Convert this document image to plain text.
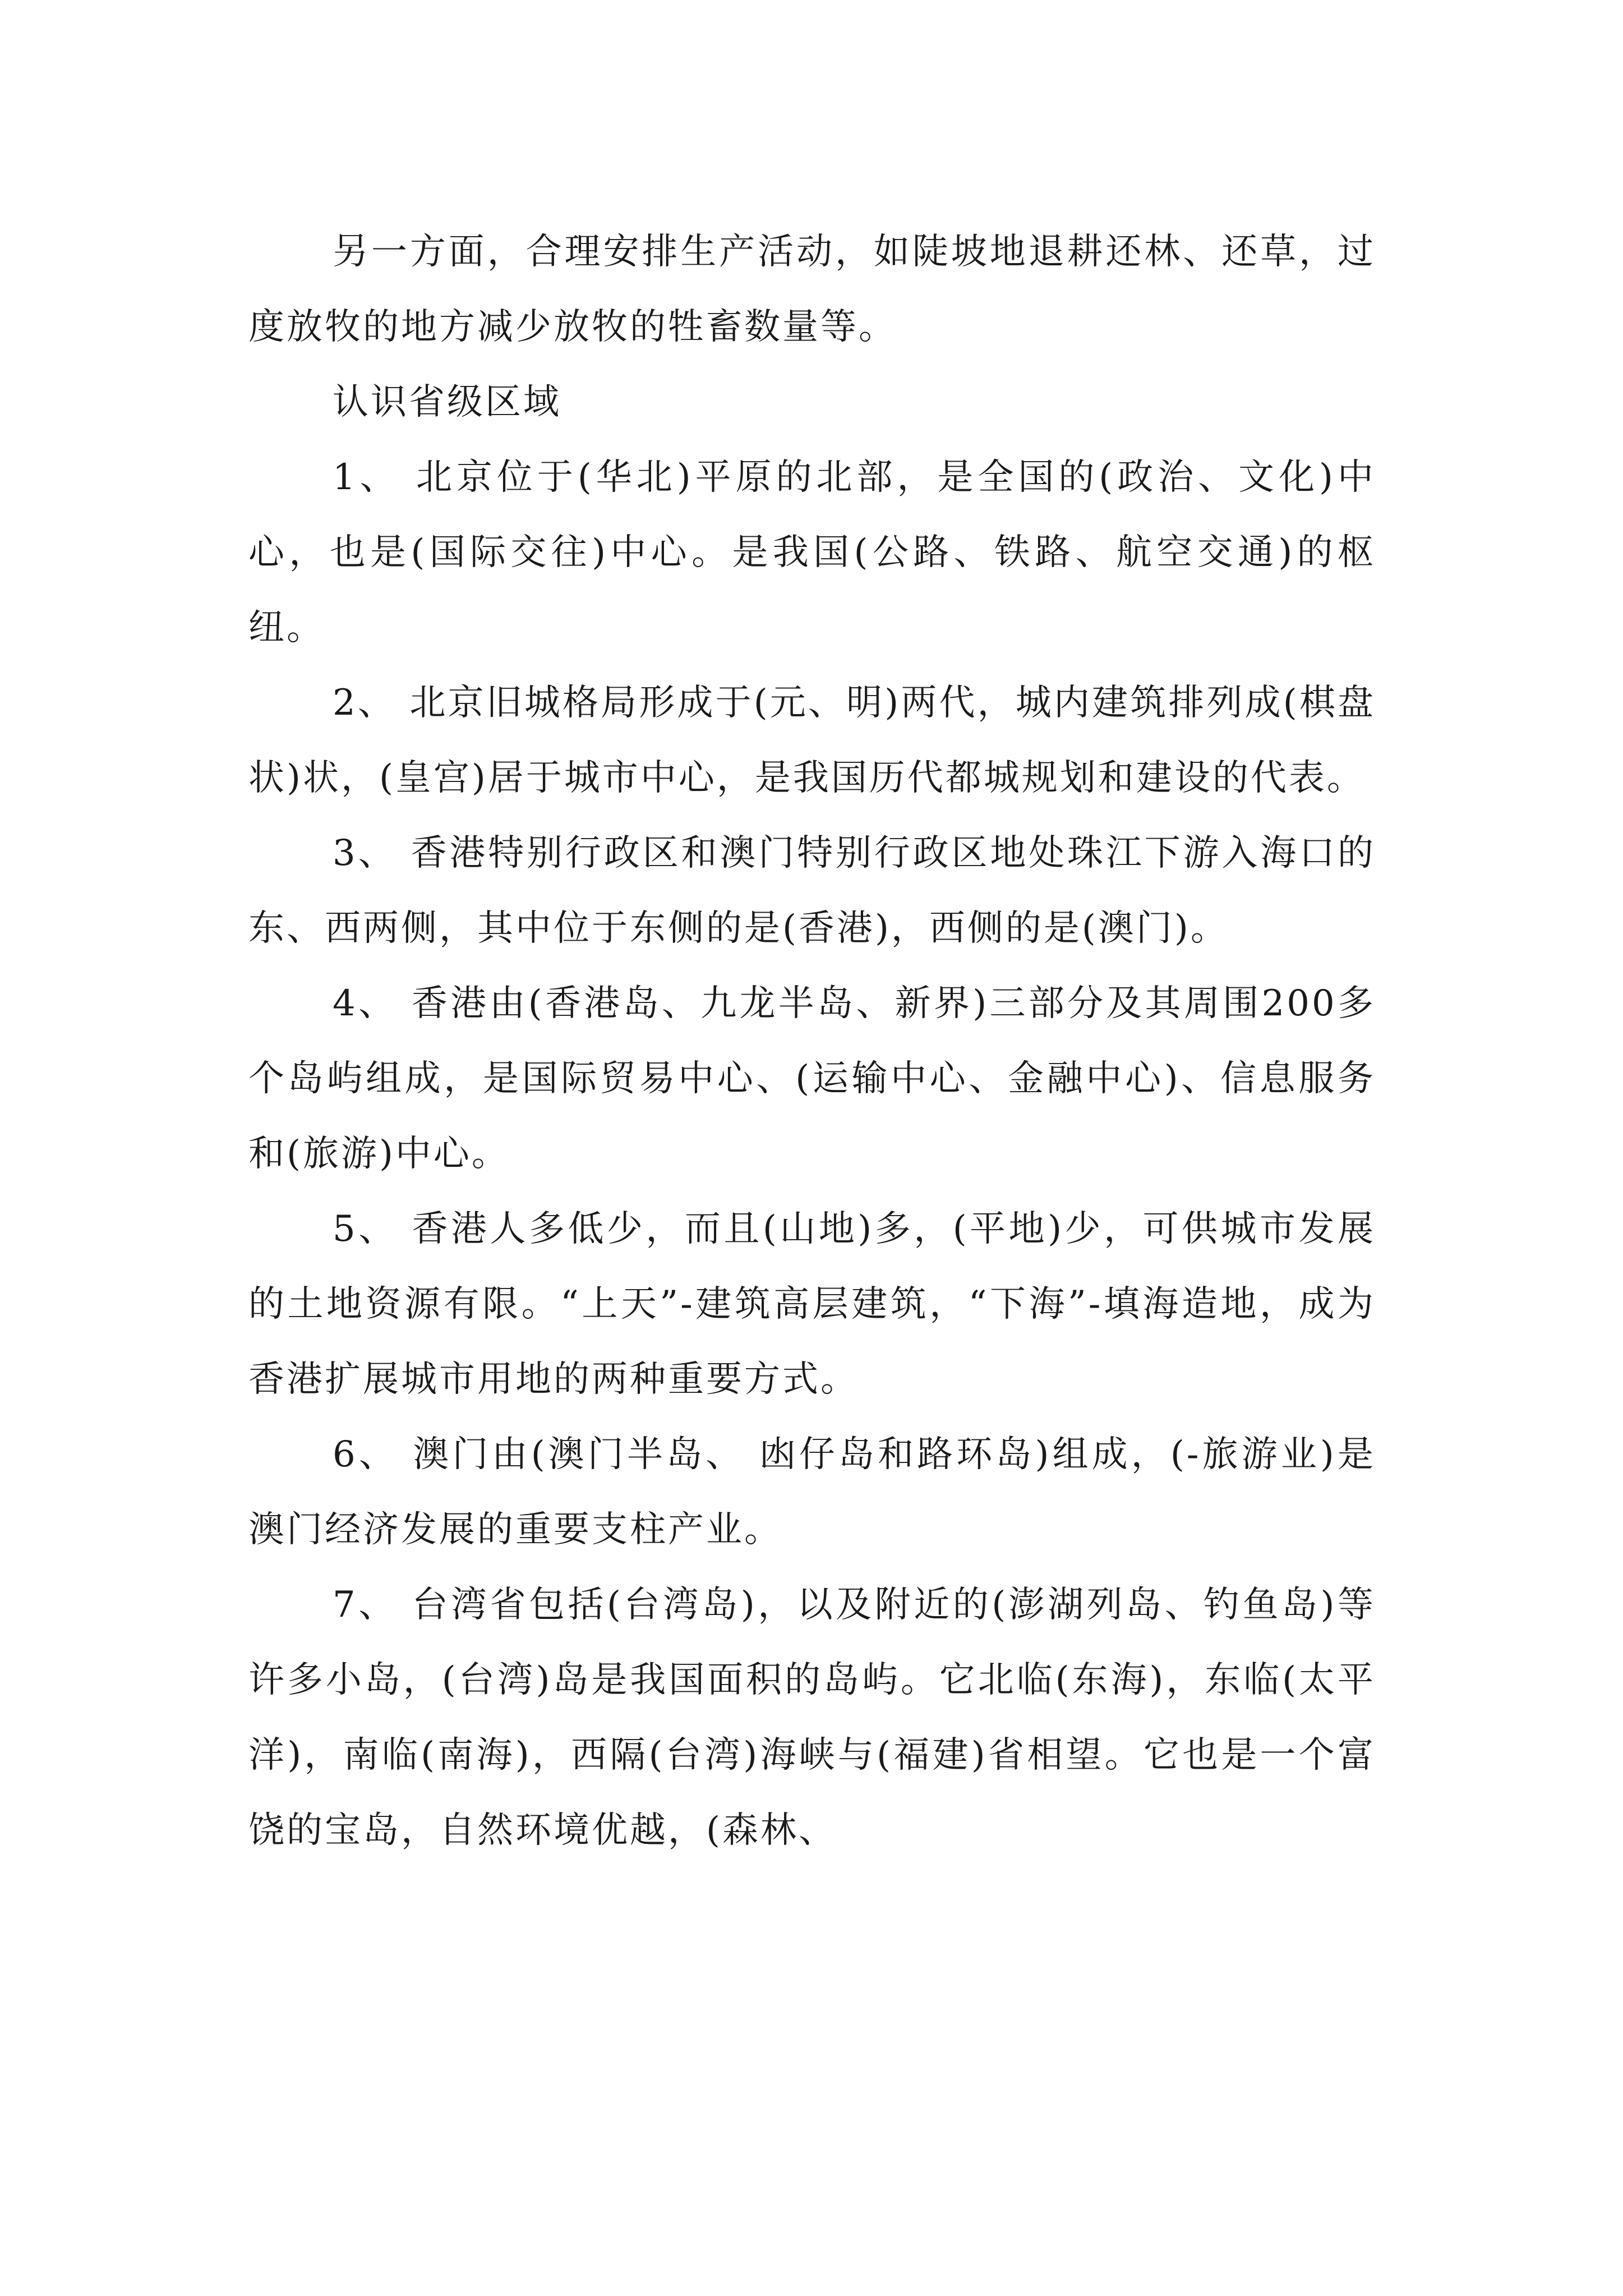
另一方面，合理安排生产活动，如陡坡地退耕还林、还草，过度放牧的地方减少放牧的牲畜数量等。

认识省级区域

1、 北京位于(华北)平原的北部，是全国的(政治、文化)中心，也是(国际交往)中心。是我国(公路、铁路、航空交通)的枢纽。

2、 北京旧城格局形成于(元、明)两代，城内建筑排列成(棋盘状)状，(皇宫)居于城市中心，是我国历代都城规划和建设的代表。

3、 香港特别行政区和澳门特别行政区地处珠江下游入海口的东、西两侧，其中位于东侧的是(香港)，西侧的是(澳门)。

4、 香港由(香港岛、九龙半岛、新界)三部分及其周围200多个岛屿组成，是国际贸易中心、(运输中心、金融中心)、信息服务和(旅游)中心。

5、 香港人多低少，而且(山地)多，(平地)少，可供城市发展的土地资源有限。“上天”-建筑高层建筑，“下海”-填海造地，成为香港扩展城市用地的两种重要方式。

6、 澳门由(澳门半岛、 凼仔岛和路环岛)组成，(-旅游业)是澳门经济发展的重要支柱产业。

7、 台湾省包括(台湾岛)，以及附近的(澎湖列岛、钓鱼岛)等许多小岛，(台湾)岛是我国面积的岛屿。它北临(东海)，东临(太平洋)，南临(南海)，西隔(台湾)海峡与(福建)省相望。它也是一个富饶的宝岛，自然环境优越，(森林、
